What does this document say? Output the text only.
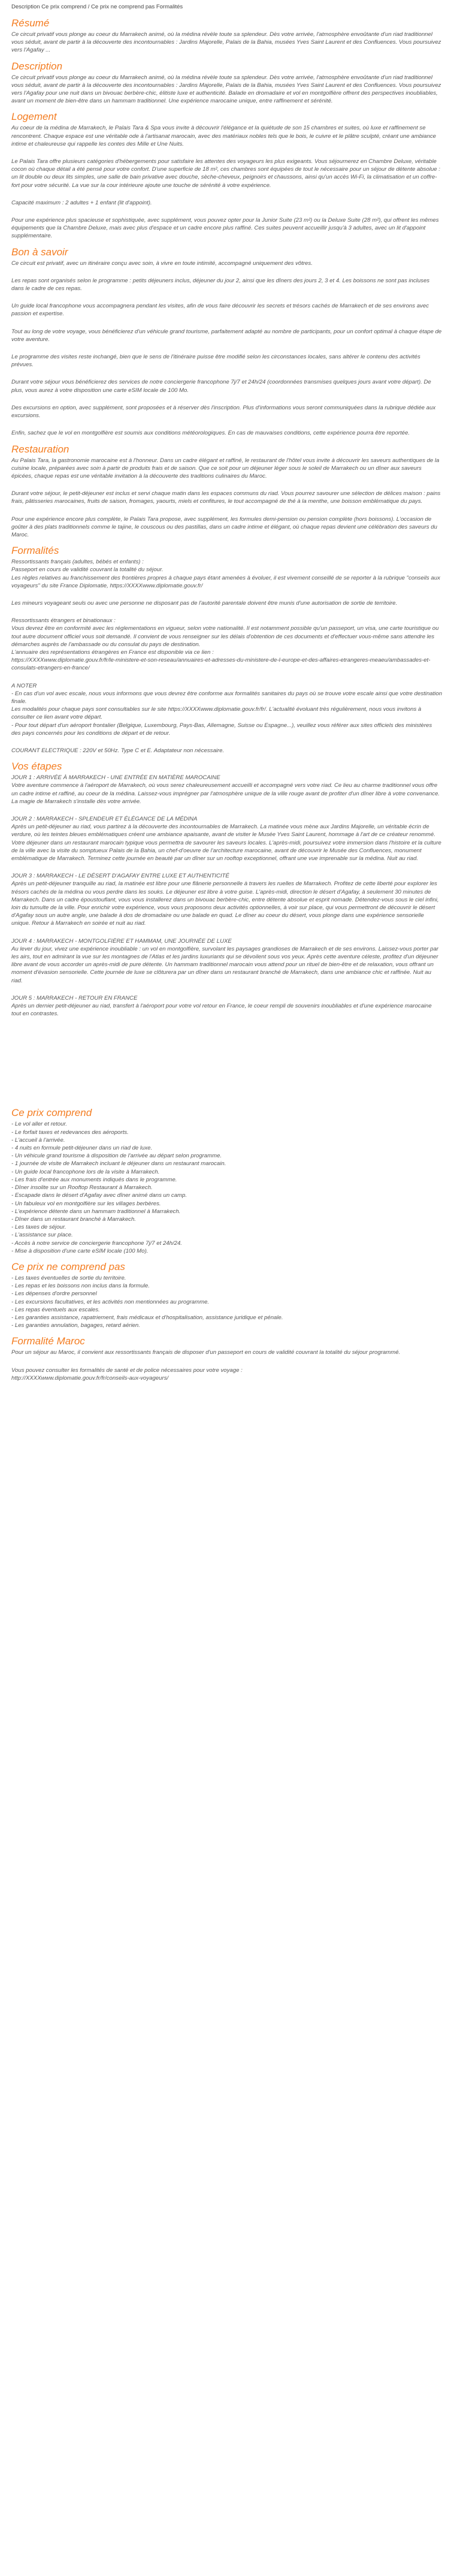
Description Ce prix comprend / Ce prix ne comprend pas Formalités
Résumé

Ce circuit privatif vous plonge au coeur du Marrakech animé, où la médina révèle toute sa splendeur. Dès votre arrivée, l'atmosphère envoûtante d'un riad traditionnel vous séduit, avant de partir à la découverte des incontournables : Jardins Majorelle, Palais de la Bahia, musées Yves Saint Laurent et des Confluences. Vous poursuivez vers l'Agafay ...

Description

Ce circuit privatif vous plonge au coeur du Marrakech animé, où la médina révèle toute sa splendeur. Dès votre arrivée, l'atmosphère envoûtante d'un riad traditionnel vous séduit, avant de partir à la découverte des incontournables : Jardins Majorelle, Palais de la Bahia, musées Yves Saint Laurent et des Confluences. Vous poursuivez vers l'Agafay pour une nuit dans un bivouac berbère-chic, élitiste luxe et authenticité. Balade en dromadaire et vol en montgolfière offrent des perspectives inoubliables, avant un moment de bien-être dans un hammam traditionnel. Une expérience marocaine unique, entre raffinement et sérénité.

Logement

Au coeur de la médina de Marrakech, le Palais Tara & Spa vous invite à découvrir l'élégance et la quiétude de son 15 chambres et suites, où luxe et raffinement se rencontrent. Chaque espace est une véritable ode à l'artisanat marocain, avec des matériaux nobles tels que le bois, le cuivre et le plâtre sculpté, créant une ambiance intime et chaleureuse qui rappelle les contes des Mille et Une Nuits.

Le Palais Tara offre plusieurs catégories d'hébergements pour satisfaire les attentes des voyageurs les plus exigeants. Vous séjournerez en Chambre Deluxe, véritable cocon où chaque détail a été pensé pour votre confort. D'une superficie de 18 m², ces chambres sont équipées de tout le nécessaire pour un séjour de détente absolue : un lit double ou deux lits simples, une salle de bain privative avec douche, sèche-cheveux, peignoirs et chaussons, ainsi qu'un accès Wi-Fi, la climatisation et un coffre-fort pour votre sécurité. La vue sur la cour intérieure ajoute une touche de sérénité à votre expérience.

Capacité maximum : 2 adultes + 1 enfant (lit d'appoint).

Pour une expérience plus spacieuse et sophistiquée, avec supplément, vous pouvez opter pour la Junior Suite (23 m²) ou la Deluxe Suite (28 m²), qui offrent les mêmes équipements que la Chambre Deluxe, mais avec plus d'espace et un cadre encore plus raffiné. Ces suites peuvent accueillir jusqu'à 3 adultes, avec un lit d'appoint supplémentaire.

Bon à savoir

Ce circuit est privatif, avec un itinéraire conçu avec soin, à vivre en toute intimité, accompagné uniquement des vôtres.

Les repas sont organisés selon le programme : petits déjeuners inclus, déjeuner du jour 2, ainsi que les dîners des jours 2, 3 et 4. Les boissons ne sont pas incluses dans le cadre de ces repas.

Un guide local francophone vous accompagnera pendant les visites, afin de vous faire découvrir les secrets et trésors cachés de Marrakech et de ses environs avec passion et expertise.

Tout au long de votre voyage, vous bénéficierez d'un véhicule grand tourisme, parfaitement adapté au nombre de participants, pour un confort optimal à chaque étape de votre aventure.

Le programme des visites reste inchangé, bien que le sens de l'itinéraire puisse être modifié selon les circonstances locales, sans altérer le contenu des activités prévues.

Durant votre séjour vous bénéficierez des services de notre conciergerie francophone 7j/7 et 24h/24 (coordonnées transmises quelques jours avant votre départ). De plus, vous aurez à votre disposition une carte eSIM locale de 100 Mo.

Des excursions en option, avec supplément, sont proposées et à réserver dès l'inscription. Plus d'informations vous seront communiquées dans la rubrique dédiée aux excursions.

Enfin, sachez que le vol en montgolfière est soumis aux conditions météorologiques. En cas de mauvaises conditions, cette expérience pourra être reportée.

Restauration

Au Palais Tara, la gastronomie marocaine est à l'honneur. Dans un cadre élégant et raffiné, le restaurant de l'hôtel vous invite à découvrir les saveurs authentiques de la cuisine locale, préparées avec soin à partir de produits frais et de saison. Que ce soit pour un déjeuner léger sous le soleil de Marrakech ou un dîner aux saveurs épicées, chaque repas est une véritable invitation à la découverte des traditions culinaires du Maroc.

Durant votre séjour, le petit-déjeuner est inclus et servi chaque matin dans les espaces communs du riad. Vous pourrez savourer une sélection de délices maison : pains frais, pâtisseries marocaines, fruits de saison, fromages, yaourts, miels et confitures, le tout accompagné de thé à la menthe, une boisson emblématique du pays.

Pour une expérience encore plus complète, le Palais Tara propose, avec supplément, les formules demi-pension ou pension complète (hors boissons). L'occasion de goûter à des plats traditionnels comme le tajine, le couscous ou des pastillas, dans un cadre intime et élégant, où chaque repas devient une célébration des saveurs du Maroc.

Formalités

Ressortissants français (adultes, bébés et enfants) :
Passeport en cours de validité couvrant la totalité du séjour.
Les règles relatives au franchissement des frontières propres à chaque pays étant amenées à évoluer, il est vivement conseillé de se reporter à la rubrique "conseils aux voyageurs" du site France Diplomatie, https://XXXXwww.diplomatie.gouv.fr/

Les mineurs voyageant seuls ou avec une personne ne disposant pas de l'autorité parentale doivent être munis d'une autorisation de sortie de territoire.

Ressortissants étrangers et binationaux :
Vous devrez être en conformité avec les réglementations en vigueur, selon votre nationalité. Il est notamment possible qu'un passeport, un visa, une carte touristique ou tout autre document officiel vous soit demandé. Il convient de vous renseigner sur les délais d'obtention de ces documents et d'effectuer vous-même sans attendre les démarches auprès de l'ambassade ou du consulat du pays de destination.
L'annuaire des représentations étrangères en France est disponible via ce lien :
https://XXXXwww.diplomatie.gouv.fr/fr/le-ministere-et-son-reseau/annuaires-et-adresses-du-ministere-de-l-europe-et-des-affaires-etrangeres-meaeu/ambassades-et-consulats-etrangers-en-france/

A NOTER
- En cas d'un vol avec escale, nous vous informons que vous devrez être conforme aux formalités sanitaires du pays où se trouve votre escale ainsi que votre destination finale.
Les modalités pour chaque pays sont consultables sur le site https://XXXXwww.diplomatie.gouv.fr/fr/. L'actualité évoluant très régulièrement, nous vous invitons à consulter ce lien avant votre départ.
- Pour tout départ d'un aéroport frontalier (Belgique, Luxembourg, Pays-Bas, Allemagne, Suisse ou Espagne...), veuillez vous référer aux sites officiels des ministères des pays concernés pour les conditions de départ et de retour.

COURANT ELECTRIQUE : 220V et 50Hz. Type C et E. Adaptateur non nécessaire.

Vos étapes

JOUR 1 : ARRIVÉE À MARRAKECH - UNE ENTRÉE EN MATIÈRE MAROCAINE
Votre aventure commence à l'aéroport de Marrakech, où vous serez chaleureusement accueilli et accompagné vers votre riad. Ce lieu au charme traditionnel vous offre un cadre intime et raffiné, au coeur de la médina. Laissez-vous imprégner par l'atmosphère unique de la ville rouge avant de profiter d'un dîner libre à votre convenance. La magie de Marrakech s'installe dès votre arrivée.

JOUR 2 : MARRAKECH - SPLENDEUR ET ÉLÉGANCE DE LA MÉDINA
Après un petit-déjeuner au riad, vous partirez à la découverte des incontournables de Marrakech. La matinée vous mène aux Jardins Majorelle, un véritable écrin de verdure, où les teintes bleues emblématiques créent une ambiance apaisante, avant de visiter le Musée Yves Saint Laurent, hommage à l'art de ce créateur renommé. Votre déjeuner dans un restaurant marocain typique vous permettra de savourer les saveurs locales. L'après-midi, poursuivez votre immersion dans l'histoire et la culture de la ville avec la visite du somptueux Palais de la Bahia, un chef-d'oeuvre de l'architecture marocaine, avant de découvrir le Musée des Confluences, monument emblématique de Marrakech. Terminez cette journée en beauté par un dîner sur un rooftop exceptionnel, offrant une vue imprenable sur la médina. Nuit au riad.

JOUR 3 : MARRAKECH - LE DÉSERT D'AGAFAY ENTRE LUXE ET AUTHENTICITÉ
Après un petit-déjeuner tranquille au riad, la matinée est libre pour une flânerie personnelle à travers les ruelles de Marrakech. Profitez de cette liberté pour explorer les trésors cachés de la médina ou vous perdre dans les souks. Le déjeuner est libre à votre guise. L'après-midi, direction le désert d'Agafay, à seulement 30 minutes de Marrakech. Dans un cadre époustouflant, vous vous installerez dans un bivouac berbère-chic, entre détente absolue et esprit nomade. Détendez-vous sous le ciel infini, loin du tumulte de la ville. Pour enrichir votre expérience, vous vous proposons deux activités optionnelles, à voir sur place, qui vous permettront de découvrir le désert d'Agafay sous un autre angle, une balade à dos de dromadaire ou une balade en quad. Le dîner au coeur du désert, vous plonge dans une expérience sensorielle unique. Retour à Marrakech en soirée et nuit au riad.

JOUR 4 : MARRAKECH - MONTGOLFIÈRE ET HAMMAM, UNE JOURNÉE DE LUXE
Au lever du jour, vivez une expérience inoubliable : un vol en montgolfière, survolant les paysages grandioses de Marrakech et de ses environs. Laissez-vous porter par les airs, tout en admirant la vue sur les montagnes de l'Atlas et les jardins luxuriants qui se dévoilent sous vos yeux. Après cette aventure céleste, profitez d'un déjeuner libre avant de vous accorder un après-midi de pure détente. Un hammam traditionnel marocain vous attend pour un rituel de bien-être et de relaxation, vous offrant un moment d'évasion sensorielle. Cette journée de luxe se clôturera par un dîner dans un restaurant branché de Marrakech, dans une ambiance chic et raffinée. Nuit au riad.

JOUR 5 : MARRAKECH - RETOUR EN FRANCE
Après un dernier petit-déjeuner au riad, transfert à l'aéroport pour votre vol retour en France, le coeur rempli de souvenirs inoubliables et d'une expérience marocaine tout en contrastes.

Ce prix comprend
- Le vol aller et retour.
- Le forfait taxes et redevances des aéroports.
- L'accueil à l'arrivée.
- 4 nuits en formule petit-déjeuner dans un riad de luxe.
- Un véhicule grand tourisme à disposition de l'arrivée au départ selon programme.
- 1 journée de visite de Marrakech incluant le déjeuner dans un restaurant marocain.
- Un guide local francophone lors de la visite à Marrakech.
- Les frais d'entrée aux monuments indiqués dans le programme.
- Dîner insolite sur un Rooftop Restaurant à Marrakech.
- Escapade dans le désert d'Agafay avec dîner animé dans un camp.
- Un fabuleux vol en montgolfière sur les villages berbères.
- L'expérience détente dans un hammam traditionnel à Marrakech.
- Dîner dans un restaurant branché à Marrakech.
- Les taxes de séjour.
- L'assistance sur place.
- Accès à notre service de conciergerie francophone 7j/7 et 24h/24.
- Mise à disposition d'une carte eSIM locale (100 Mo).
Ce prix ne comprend pas
- Les taxes éventuelles de sortie du territoire.
- Les repas et les boissons non inclus dans la formule.
- Les dépenses d'ordre personnel
- Les excursions facultatives, et les activités non mentionnées au programme.
- Les repas éventuels aux escales.
- Les garanties assistance, rapatriement, frais médicaux et d'hospitalisation, assistance juridique et pénale.
- Les garanties annulation, bagages, retard aérien.
Formalité Maroc

Pour un séjour au Maroc, il convient aux ressortissants français de disposer d'un passeport en cours de validité couvrant la totalité du séjour programmé.

Vous pouvez consulter les formalités de santé et de police nécessaires pour votre voyage :
http://XXXXwww.diplomatie.gouv.fr/fr/conseils-aux-voyageurs/
